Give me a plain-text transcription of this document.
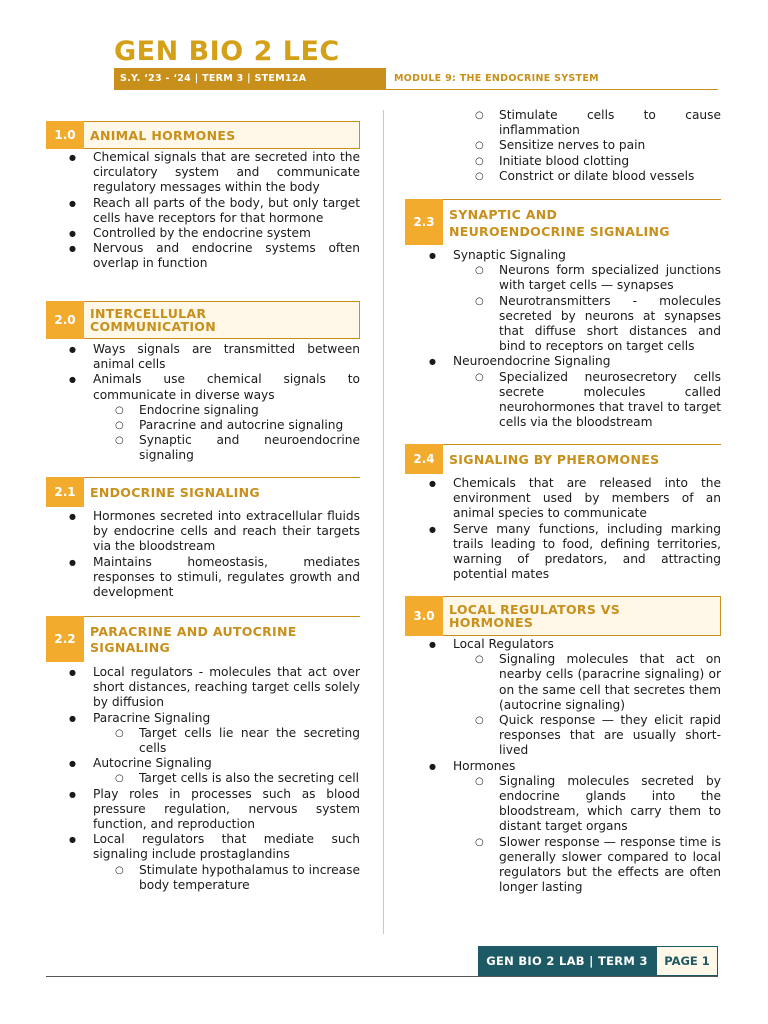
GEN BIO 2 LEC
S.Y. ‘23 - ‘24 | TERM 3 | STEM12A	MODULE 9: THE ENDOCRINE SYSTEM
1.0	ANIMAL HORMONES
● Chemical signals that are secreted into the circulatory system and communicate regulatory messages within the body
● Reach all parts of the body, but only target cells have receptors for that hormone
● Controlled by the endocrine system
● Nervous and endocrine systems often overlap in function
2.0	INTERCELLULAR COMMUNICATION
● Ways signals are transmitted between animal cells
● Animals use chemical signals to communicate in diverse ways
○ Endocrine signaling
○ Paracrine and autocrine signaling
○ Synaptic and neuroendocrine signaling
2.1	ENDOCRINE SIGNALING
● Hormones secreted into extracellular fluids by endocrine cells and reach their targets via the bloodstream
● Maintains homeostasis, mediates responses to stimuli, regulates growth and development
2.2
PARACRINE AND AUTOCRINE SIGNALING
● Local regulators - molecules that act over short distances, reaching target cells solely by diffusion
● Paracrine Signaling
○ Target cells lie near the secreting cells
● Autocrine Signaling
○ Target cells is also the secreting cell
● Play roles in processes such as blood pressure regulation, nervous system function, and reproduction
● Local regulators that mediate such signaling include prostaglandins
○ Stimulate hypothalamus to increase body temperature
○ Stimulate cells to cause inflammation
○ Sensitize nerves to pain
○ Initiate blood clotting
○ Constrict or dilate blood vessels
2.3
SYNAPTIC AND
NEUROENDOCRINE SIGNALING
● Synaptic Signaling
○ Neurons form specialized junctions with target cells — synapses
○ Neurotransmitters - molecules secreted by neurons at synapses that diffuse short distances and bind to receptors on target cells
● Neuroendocrine Signaling
○ Specialized neurosecretory cells secrete molecules called neurohormones that travel to target cells via the bloodstream
2.4	SIGNALING BY PHEROMONES
● Chemicals that are released into the environment used by members of an animal species to communicate
● Serve many functions, including marking trails leading to food, defining territories, warning of predators, and attracting potential mates
3.0	LOCAL REGULATORS VS HORMONES
● Local Regulators
○ Signaling molecules that act on nearby cells (paracrine signaling) or on the same cell that secretes them (autocrine signaling)
○ Quick response — they elicit rapid responses that are usually short-lived
● Hormones
○ Signaling molecules secreted by endocrine glands into the bloodstream, which carry them to distant target organs
○ Slower response — response time is generally slower compared to local regulators but the effects are often longer lasting
GEN BIO 2 LAB | TERM 3	PAGE 1
